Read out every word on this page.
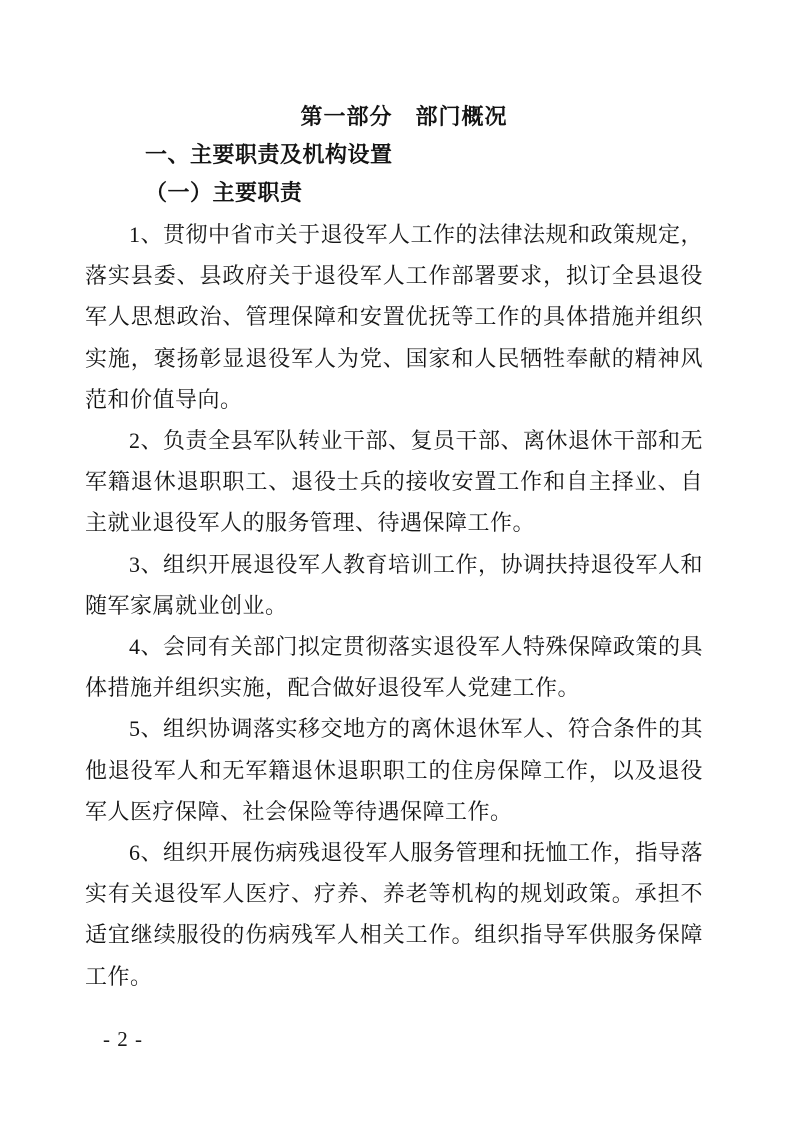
第一部分　部门概况
一、主要职责及机构设置
（一）主要职责

1、贯彻中省市关于退役军人工作的法律法规和政策规定，落实县委、县政府关于退役军人工作部署要求，拟订全县退役军人思想政治、管理保障和安置优抚等工作的具体措施并组织实施，褒扬彰显退役军人为党、国家和人民牺牲奉献的精神风范和价值导向。

2、负责全县军队转业干部、复员干部、离休退休干部和无军籍退休退职职工、退役士兵的接收安置工作和自主择业、自主就业退役军人的服务管理、待遇保障工作。

3、组织开展退役军人教育培训工作，协调扶持退役军人和随军家属就业创业。

4、会同有关部门拟定贯彻落实退役军人特殊保障政策的具体措施并组织实施，配合做好退役军人党建工作。

5、组织协调落实移交地方的离休退休军人、符合条件的其他退役军人和无军籍退休退职职工的住房保障工作，以及退役军人医疗保障、社会保险等待遇保障工作。

6、组织开展伤病残退役军人服务管理和抚恤工作，指导落实有关退役军人医疗、疗养、养老等机构的规划政策。承担不适宜继续服役的伤病残军人相关工作。组织指导军供服务保障工作。

- 2 -
